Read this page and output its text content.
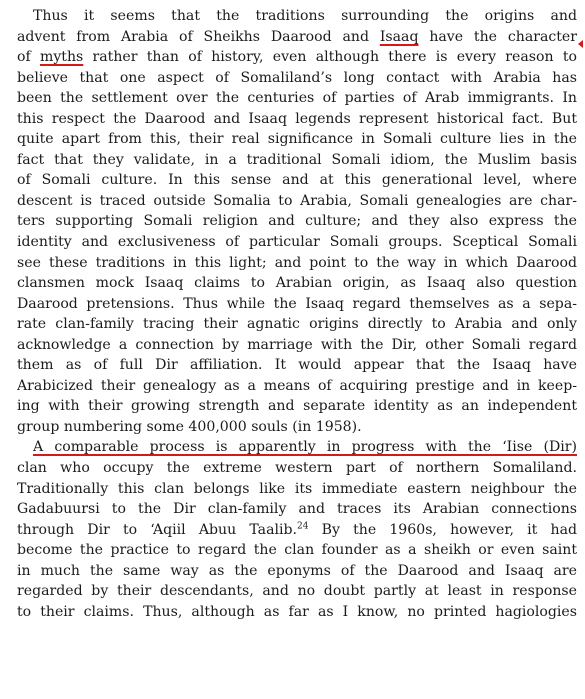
Thus it seems that the traditions surrounding the origins and
advent from Arabia of Sheikhs Daarood and Isaaq have the character
of myths rather than of history, even although there is every reason to
believe that one aspect of Somaliland’s long contact with Arabia has
been the settlement over the centuries of parties of Arab immigrants. In
this respect the Daarood and Isaaq legends represent historical fact. But
quite apart from this, their real significance in Somali culture lies in the
fact that they validate, in a traditional Somali idiom, the Muslim basis
of Somali culture. In this sense and at this generational level, where
descent is traced outside Somalia to Arabia, Somali genealogies are char-
ters supporting Somali religion and culture; and they also express the
identity and exclusiveness of particular Somali groups. Sceptical Somali
see these traditions in this light; and point to the way in which Daarood
clansmen mock Isaaq claims to Arabian origin, as Isaaq also question
Daarood pretensions. Thus while the Isaaq regard themselves as a sepa-
rate clan-family tracing their agnatic origins directly to Arabia and only
acknowledge a connection by marriage with the Dir, other Somali regard
them as of full Dir affiliation. It would appear that the Isaaq have
Arabicized their genealogy as a means of acquiring prestige and in keep-
ing with their growing strength and separate identity as an independent
group numbering some 400,000 souls (in 1958).
A comparable process is apparently in progress with the ‘Iise (Dir)
clan who occupy the extreme western part of northern Somaliland.
Traditionally this clan belongs like its immediate eastern neighbour the
Gadabuursi to the Dir clan-family and traces its Arabian connections
through Dir to ‘Aqiil Abuu Taalib.$^{24}$ By the 1960s, however, it had
become the practice to regard the clan founder as a sheikh or even saint
in much the same way as the eponyms of the Daarood and Isaaq are
regarded by their descendants, and no doubt partly at least in response
to their claims. Thus, although as far as I know, no printed hagiologies
